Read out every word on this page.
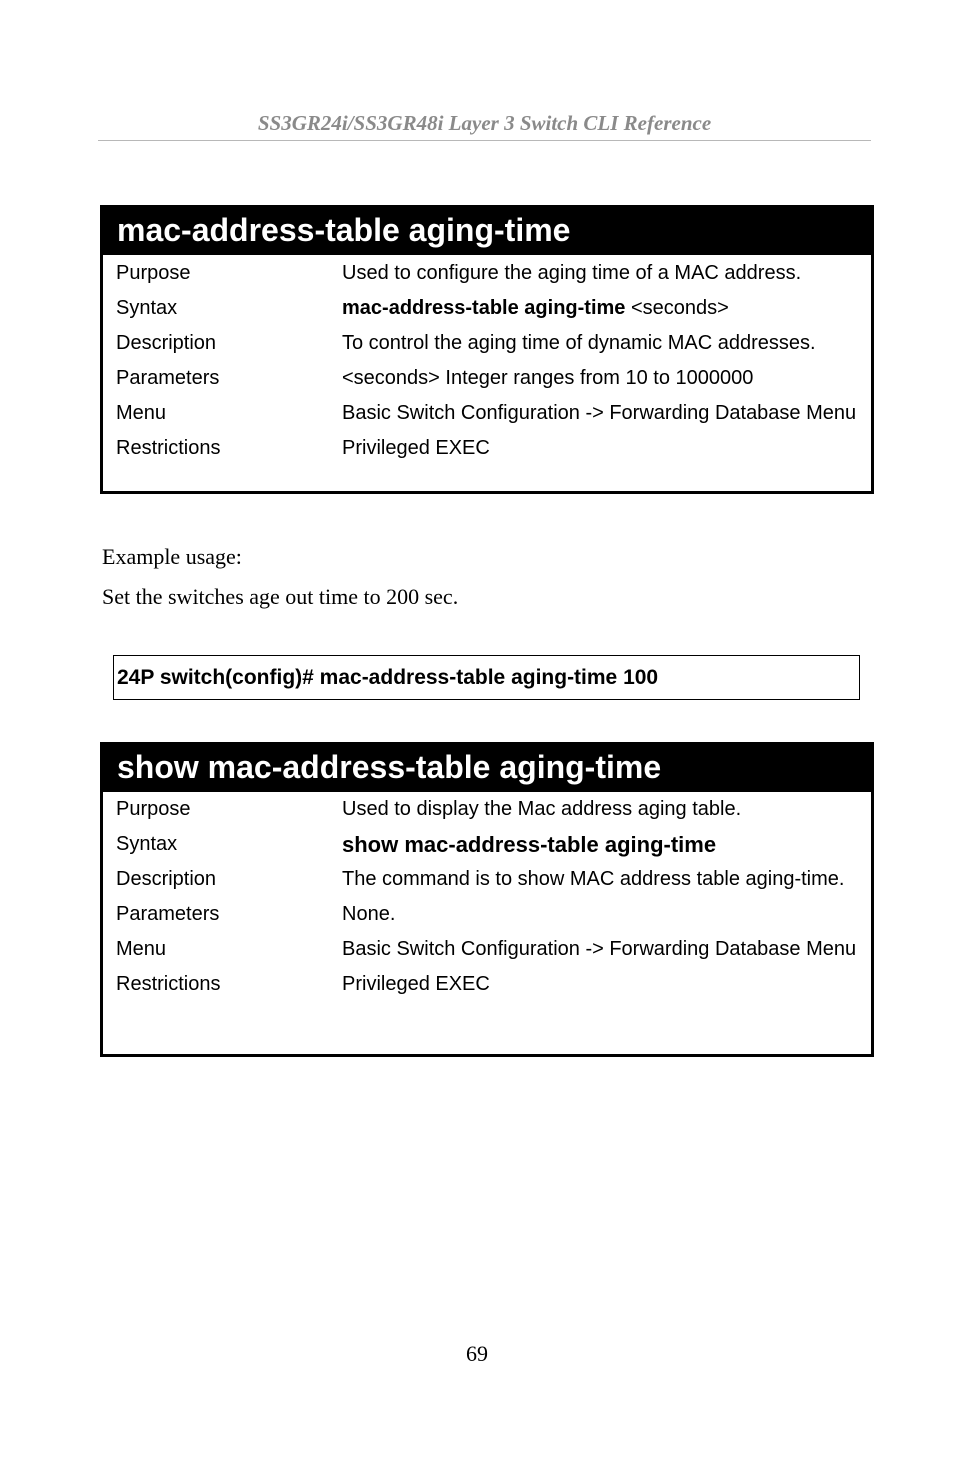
SS3GR24i/SS3GR48i Layer 3 Switch CLI Reference
mac-address-table aging-time
Purpose	Used to configure the aging time of a MAC address.
Syntax	mac-address-table aging-time <seconds>
Description	To control the aging time of dynamic MAC addresses.
Parameters	<seconds> Integer ranges from 10 to 1000000
Menu	Basic Switch Configuration -> Forwarding Database Menu
Restrictions	Privileged EXEC
Example usage:
Set the switches age out time to 200 sec.
24P switch(config)# mac-address-table aging-time 100
show mac-address-table aging-time
Purpose	Used to display the Mac address aging table.
Syntax	show mac-address-table aging-time
Description	The command is to show MAC address table aging-time.
Parameters	None.
Menu	Basic Switch Configuration -> Forwarding Database Menu
Restrictions	Privileged EXEC
69
